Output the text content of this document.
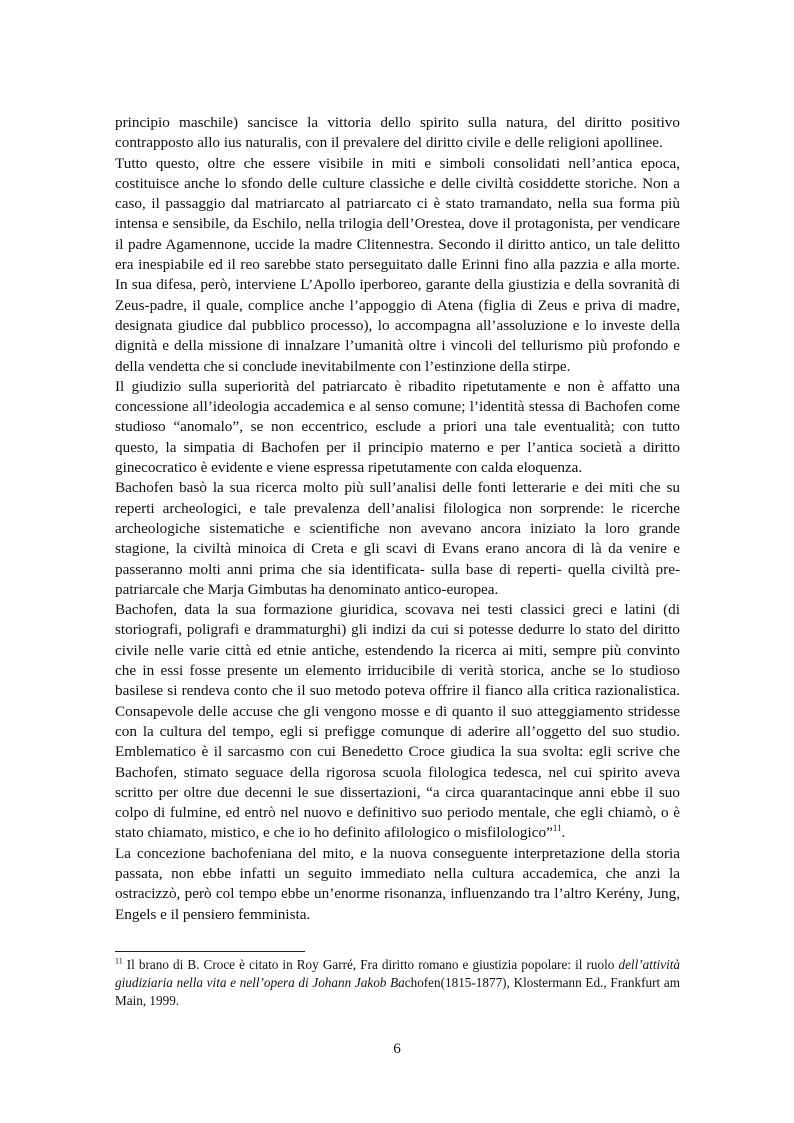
principio maschile) sancisce la vittoria dello spirito sulla natura, del diritto positivo contrapposto allo ius naturalis, con il prevalere del diritto civile e delle religioni apollinee.

Tutto questo, oltre che essere visibile in miti e simboli consolidati nell’antica epoca, costituisce anche lo sfondo delle culture classiche e delle civiltà cosiddette storiche. Non a caso, il passaggio dal matriarcato al patriarcato ci è stato tramandato, nella sua forma più intensa e sensibile, da Eschilo, nella trilogia dell’Orestea, dove il protagonista, per vendicare il padre Agamennone, uccide la madre Clitennestra. Secondo il diritto antico, un tale delitto era inespiabile ed il reo sarebbe stato perseguitato dalle Erinni fino alla pazzia e alla morte. In sua difesa, però, interviene L’Apollo iperboreo, garante della giustizia e della sovranità di Zeus-padre, il quale, complice anche l’appoggio di Atena (figlia di Zeus e priva di madre, designata giudice dal pubblico processo), lo accompagna all’assoluzione e lo investe della dignità e della missione di innalzare l’umanità oltre i vincoli del tellurismo più profondo e della vendetta che si conclude inevitabilmente con l’estinzione della stirpe.

Il giudizio sulla superiorità del patriarcato è ribadito ripetutamente e non è affatto una concessione all’ideologia accademica e al senso comune; l’identità stessa di Bachofen come studioso “anomalo”, se non eccentrico, esclude a priori una tale eventualità; con tutto questo, la simpatia di Bachofen per il principio materno e per l’antica società a diritto ginecocratico è evidente e viene espressa ripetutamente con calda eloquenza.

Bachofen basò la sua ricerca molto più sull’analisi delle fonti letterarie e dei miti che su reperti archeologici, e tale prevalenza dell’analisi filologica non sorprende: le ricerche archeologiche sistematiche e scientifiche non avevano ancora iniziato la loro grande stagione, la civiltà minoica di Creta e gli scavi di Evans erano ancora di là da venire e passeranno molti anni prima che sia identificata- sulla base di reperti- quella civiltà pre-patriarcale che Marja Gimbutas ha denominato antico-europea.

Bachofen, data la sua formazione giuridica, scovava nei testi classici greci e latini (di storiografi, poligrafi e drammaturghi) gli indizi da cui si potesse dedurre lo stato del diritto civile nelle varie città ed etnie antiche, estendendo la ricerca ai miti, sempre più convinto che in essi fosse presente un elemento irriducibile di verità storica, anche se lo studioso basilese si rendeva conto che il suo metodo poteva offrire il fianco alla critica razionalistica. Consapevole delle accuse che gli vengono mosse e di quanto il suo atteggiamento stridesse con la cultura del tempo, egli si prefigge comunque di aderire all’oggetto del suo studio. Emblematico è il sarcasmo con cui Benedetto Croce giudica la sua svolta: egli scrive che Bachofen, stimato seguace della rigorosa scuola filologica tedesca, nel cui spirito aveva scritto per oltre due decenni le sue dissertazioni, “a circa quarantacinque anni ebbe il suo colpo di fulmine, ed entrò nel nuovo e definitivo suo periodo mentale, che egli chiamò, o è stato chiamato, mistico, e che io ho definito afilologico o misfilologico”$^{11}$.

La concezione bachofeniana del mito, e la nuova conseguente interpretazione della storia passata, non ebbe infatti un seguito immediato nella cultura accademica, che anzi la ostracizzò, però col tempo ebbe un’enorme risonanza, influenzando tra l’altro Kerény, Jung, Engels e il pensiero femminista.

$^{11}$ Il brano di B. Croce è citato in Roy Garré, Fra diritto romano e giustizia popolare: il ruolo dell’attività giudiziaria nella vita e nell’opera di Johann Jakob Bachofen(1815-1877), Klostermann Ed., Frankfurt am Main, 1999.

6
